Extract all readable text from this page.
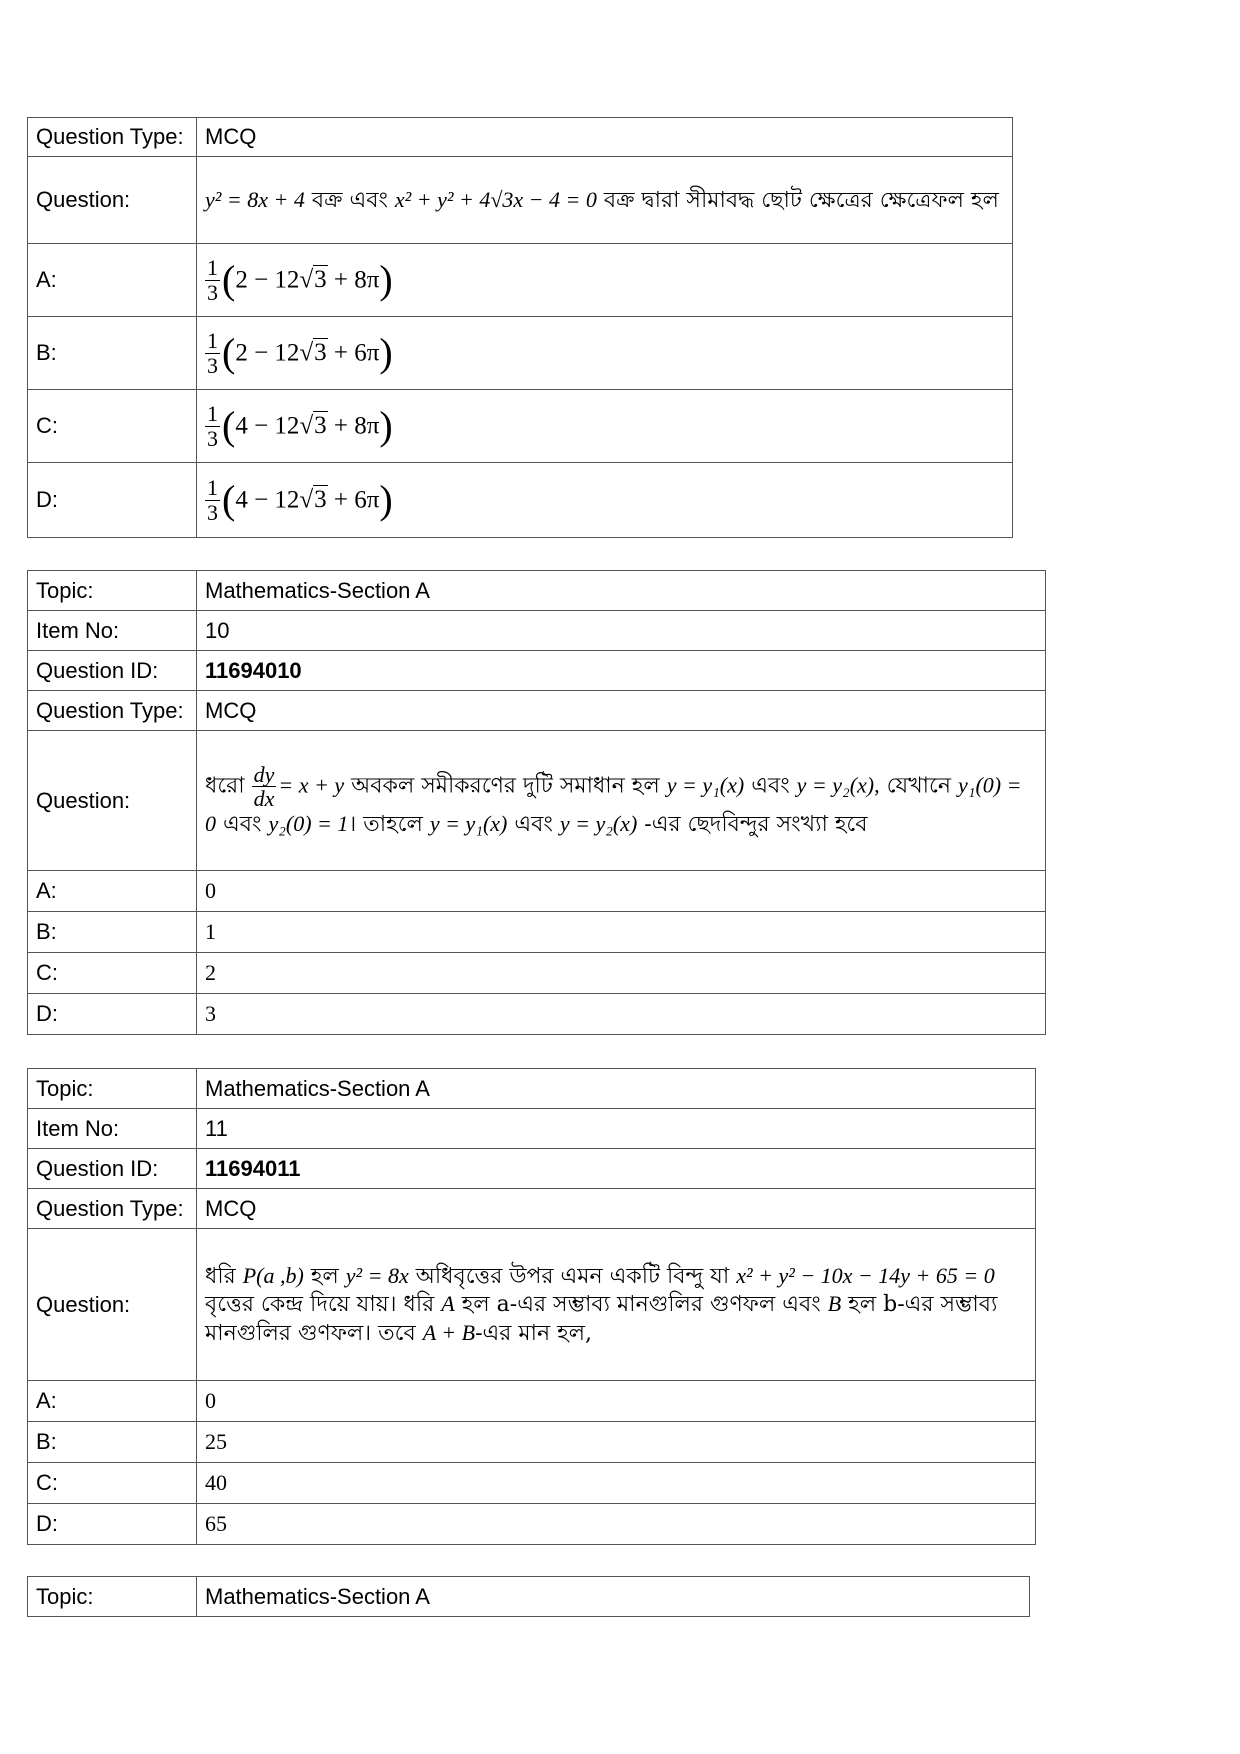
Question Type:	MCQ
Question:	y² = 8x + 4 বক্র এবং x² + y² + 4√3x − 4 = 0 বক্র দ্বারা সীমাবদ্ধ ছোট ক্ষেত্রের ক্ষেত্রেফল হল
A:	$\frac{1}{3} (2 - 12√3 + 8\pi)$
B:	$\frac{1}{3} (2 - 12√3 + 6\pi)$
C:	$\frac{1}{3} (4 - 12√3 + 8\pi)$
D:	$\frac{1}{3} (4 - 12√3 + 6\pi)$
Topic:	Mathematics-Section A
Item No:	10
Question ID:	11694010
Question Type:	MCQ
Question:	ধরো $\frac{dy}{dx} = x + y$ অবকল সমীকরণের দুটি সমাধান হল y = y₁(x) এবং y = y₂(x), যেখানে y₁(0) = 0 এবং y₂(0) = 1। তাহলে y = y₁(x) এবং y = y₂(x) -এর ছেদবিন্দুর সংখ্যা হবে
A:	0
B:	1
C:	2
D:	3
Topic:	Mathematics-Section A
Item No:	11
Question ID:	11694011
Question Type:	MCQ
Question:	ধরি P(a ,b) হল y² = 8x অধিবৃত্তের উপর এমন একটি বিন্দু যা x² + y² − 10x − 14y + 65 = 0 বৃত্তের কেন্দ্র দিয়ে যায়। ধরি A হল a-এর সম্ভাব্য মানগুলির গুণফল এবং B হল b-এর সম্ভাব্য মানগুলির গুণফল। তবে A + B-এর মান হল,
A:	0
B:	25
C:	40
D:	65
Topic:	Mathematics-Section A
